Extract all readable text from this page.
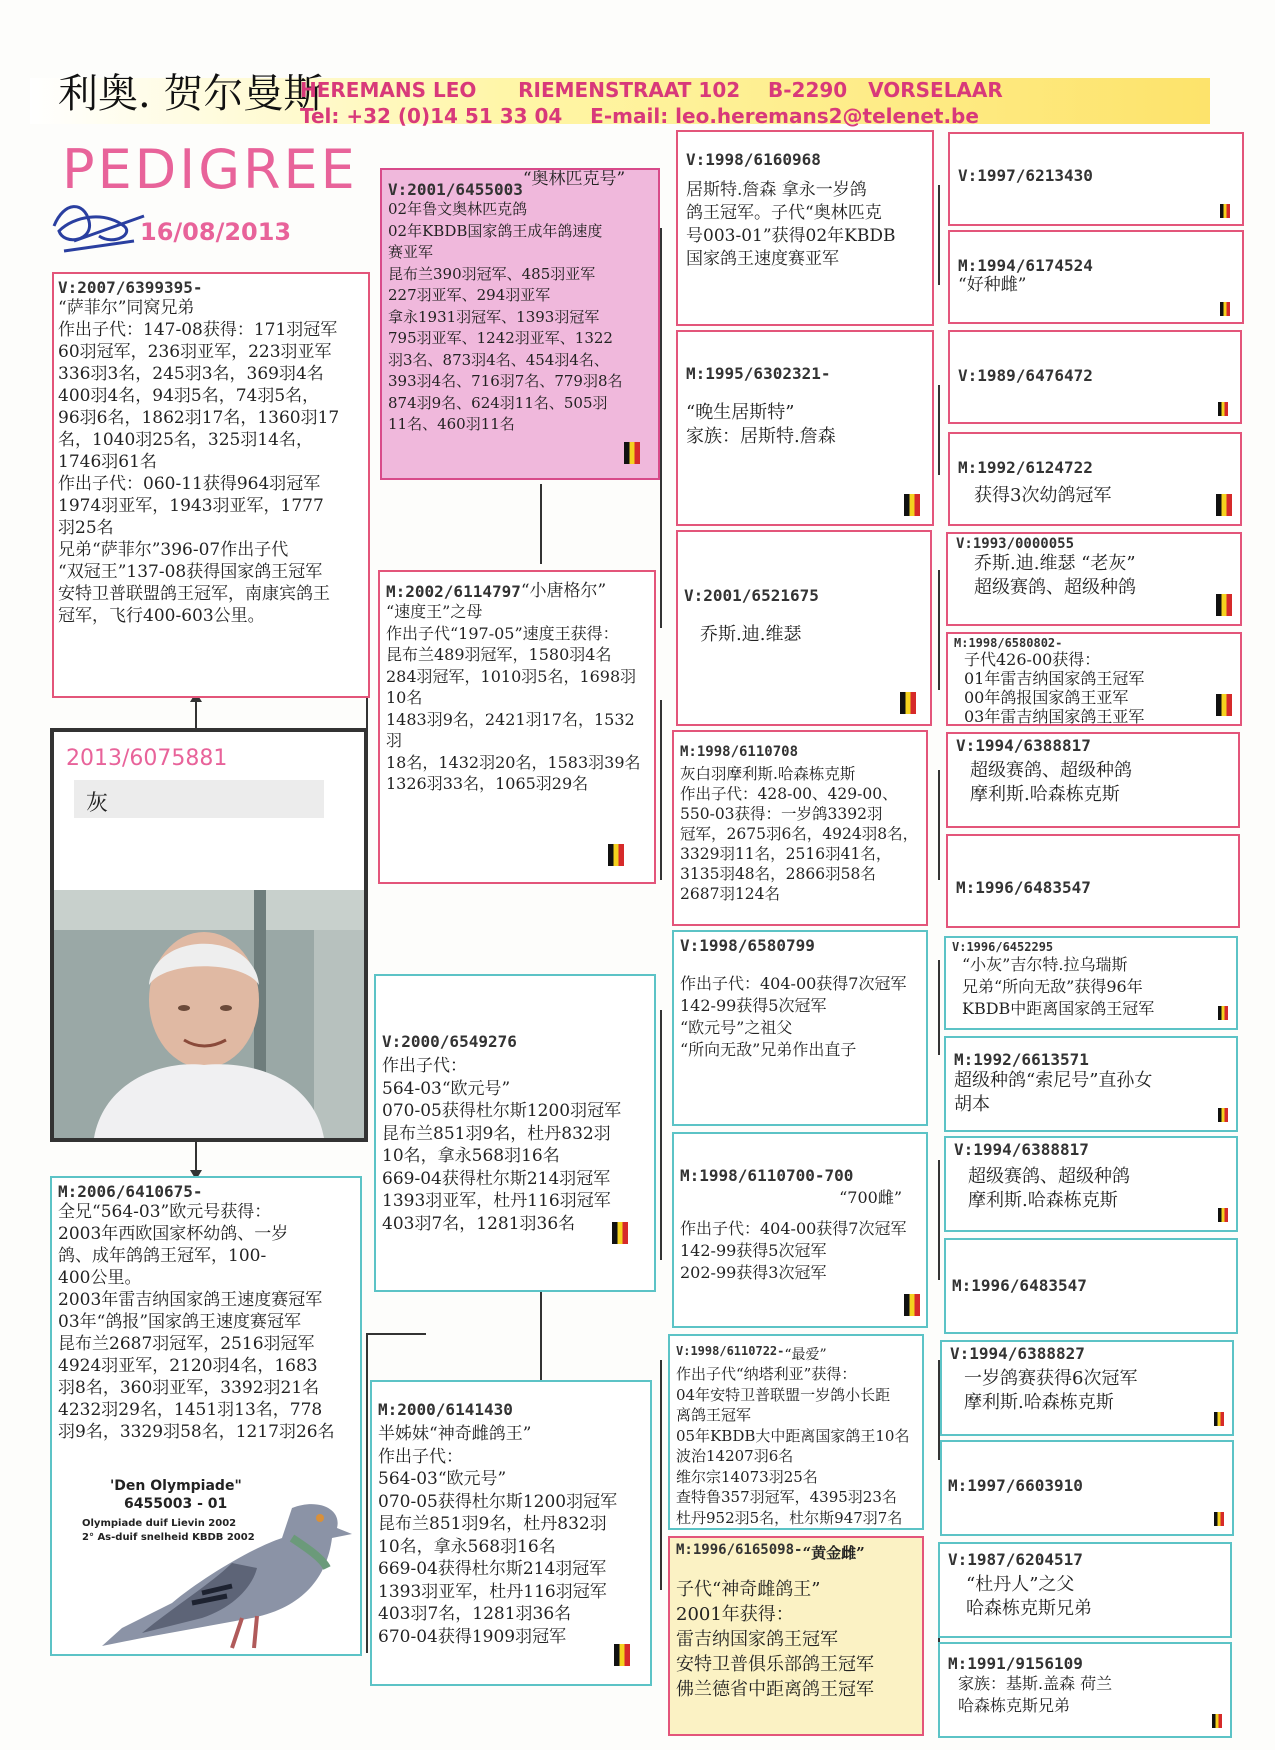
利奥. 贺尔曼斯
HEREMANS LEO      RIEMENSTRAAT 102    B-2290   VORSELAAR
Tel: +32 (0)14 51 33 04    E-mail: leo.heremans2@telenet.be
PEDIGREE
16/08/2013
V:2007/6399395-
“萨菲尔”同窝兄弟
作出子代：147-08获得：171羽冠军
60羽冠军，236羽亚军，223羽亚军
336羽3名，245羽3名，369羽4名
400羽4名，94羽5名，74羽5名，
96羽6名，1862羽17名，1360羽17
名，1040羽25名，325羽14名，
1746羽61名
作出子代：060-11获得964羽冠军
1974羽亚军，1943羽亚军，1777
羽25名
兄弟“萨菲尔”396-07作出子代
“双冠王”137-08获得国家鸽王冠军
安特卫普联盟鸽王冠军，南康宾鸽王
冠军，飞行400-603公里。
2013/6075881
灰
M:2006/6410675-
全兄“564-03”欧元号获得：
2003年西欧国家杯幼鸽、一岁
鸽、成年鸽鸽王冠军，100-
400公里。
2003年雷吉纳国家鸽王速度赛冠军
03年“鸽报”国家鸽王速度赛冠军
昆布兰2687羽冠军，2516羽冠军
4924羽亚军，2120羽4名，1683
羽8名，360羽亚军，3392羽21名
4232羽29名，1451羽13名，778
羽9名，3329羽58名，1217羽26名
'Den Olympiade"
6455003 - 01
Olympiade duif Lievin 2002
2° As-duif snelheid KBDB 2002
V:2001/6455003
“奥林匹克号”
02年鲁文奥林匹克鸽
02年KBDB国家鸽王成年鸽速度
赛亚军
昆布兰390羽冠军、485羽亚军
227羽亚军、294羽亚军
拿永1931羽冠军、1393羽冠军
795羽亚军、1242羽亚军、1322
羽3名、873羽4名、454羽4名、
393羽4名、716羽7名、779羽8名
874羽9名、624羽11名、505羽
11名、460羽11名
M:2002/6114797 “小唐格尔”
“速度王”之母
作出子代“197-05”速度王获得：
昆布兰489羽冠军，1580羽4名
284羽冠军，1010羽5名，1698羽
10名
1483羽9名，2421羽17名，1532羽
18名，1432羽20名，1583羽39名
1326羽33名，1065羽29名
V:2000/6549276
作出子代：
564-03“欧元号”
070-05获得杜尔斯1200羽冠军
昆布兰851羽9名，杜丹832羽
10名，拿永568羽16名
669-04获得杜尔斯214羽冠军
1393羽亚军，杜丹116羽冠军
403羽7名，1281羽36名
M:2000/6141430
半姊妹“神奇雌鸽王”
作出子代：
564-03“欧元号”
070-05获得杜尔斯1200羽冠军
昆布兰851羽9名，杜丹832羽
10名，拿永568羽16名
669-04获得杜尔斯214羽冠军
1393羽亚军，杜丹116羽冠军
403羽7名，1281羽36名
670-04获得1909羽冠军
V:1998/6160968
居斯特.詹森 拿永一岁鸽
鸽王冠军。子代“奥林匹克
号003-01”获得02年KBDB
国家鸽王速度赛亚军
M:1995/6302321-
“晚生居斯特”
家族：居斯特.詹森
V:2001/6521675
乔斯.迪.维瑟
M:1998/6110708
灰白羽摩利斯.哈森栋克斯
作出子代：428-00、429-00、
550-03获得：一岁鸽3392羽
冠军，2675羽6名，4924羽8名，
3329羽11名，2516羽41名，
3135羽48名，2866羽58名
2687羽124名
V:1998/6580799
作出子代：404-00获得7次冠军
142-99获得5次冠军
“欧元号”之祖父
“所向无敌”兄弟作出直子
M:1998/6110700-700
“700雌”
作出子代：404-00获得7次冠军
142-99获得5次冠军
202-99获得3次冠军
V:1998/6110722- “最爱”
作出子代“纳塔利亚”获得：
04年安特卫普联盟一岁鸽小长距
离鸽王冠军
05年KBDB大中距离国家鸽王10名
波治14207羽6名
维尔宗14073羽25名
查特鲁357羽冠军，4395羽23名
杜丹952羽5名，杜尔斯947羽7名
M:1996/6165098- “黄金雌”
子代“神奇雌鸽王”
2001年获得：
雷吉纳国家鸽王冠军
安特卫普俱乐部鸽王冠军
佛兰德省中距离鸽王冠军
V:1997/6213430
M:1994/6174524
“好种雌”
V:1989/6476472
M:1992/6124722
获得3次幼鸽冠军
V:1993/0000055
乔斯.迪.维瑟 “老灰”
超级赛鸽、超级种鸽
M:1998/6580802-
子代426-00获得：
01年雷吉纳国家鸽王冠军
00年鸽报国家鸽王亚军
03年雷吉纳国家鸽王亚军
V:1994/6388817
超级赛鸽、超级种鸽
摩利斯.哈森栋克斯
M:1996/6483547
V:1996/6452295
“小灰”吉尔特.拉乌瑞斯
兄弟“所向无敌”获得96年
KBDB中距离国家鸽王冠军
M:1992/6613571
超级种鸽“索尼号”直孙女
胡本
V:1994/6388817
超级赛鸽、超级种鸽
摩利斯.哈森栋克斯
M:1996/6483547
V:1994/6388827
一岁鸽赛获得6次冠军
摩利斯.哈森栋克斯
M:1997/6603910
V:1987/6204517
“杜丹人”之父
哈森栋克斯兄弟
M:1991/9156109
家族：基斯.盖森 荷兰
哈森栋克斯兄弟
